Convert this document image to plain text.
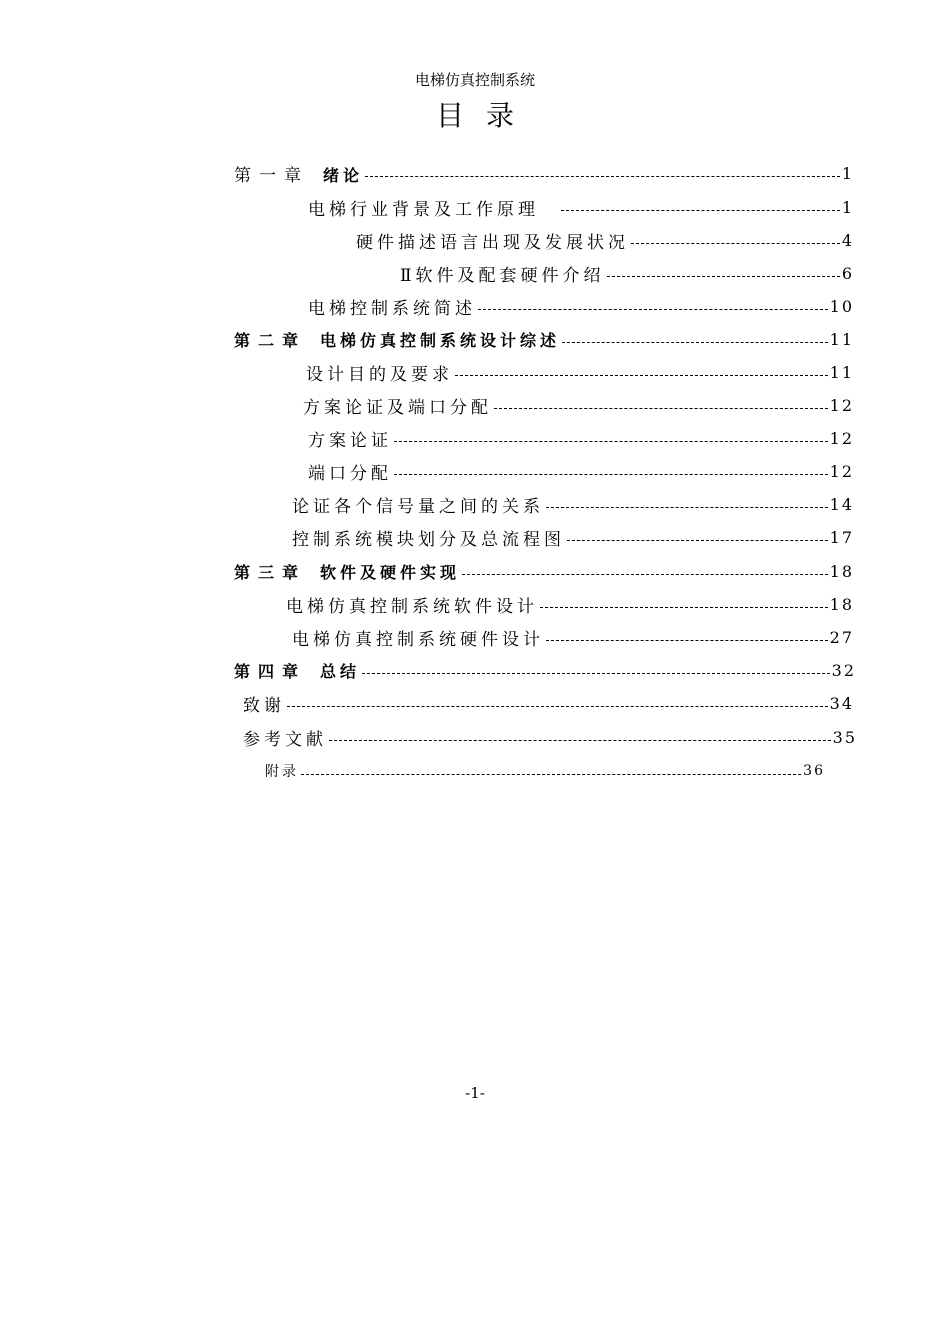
电梯仿真控制系统
目录
第一章 绪论	1
电梯行业背景及工作原理	1
硬件描述语言出现及发展状况	4
Ⅱ软件及配套硬件介绍	6
电梯控制系统简述	10
第二章 电梯仿真控制系统设计综述	11
设计目的及要求	11
方案论证及端口分配	12
方案论证	12
端口分配	12
论证各个信号量之间的关系	14
控制系统模块划分及总流程图	17
第三章 软件及硬件实现	18
电梯仿真控制系统软件设计	18
电梯仿真控制系统硬件设计	27
第四章 总结	32
致谢	34
参考文献	35
附录	36
-1-
